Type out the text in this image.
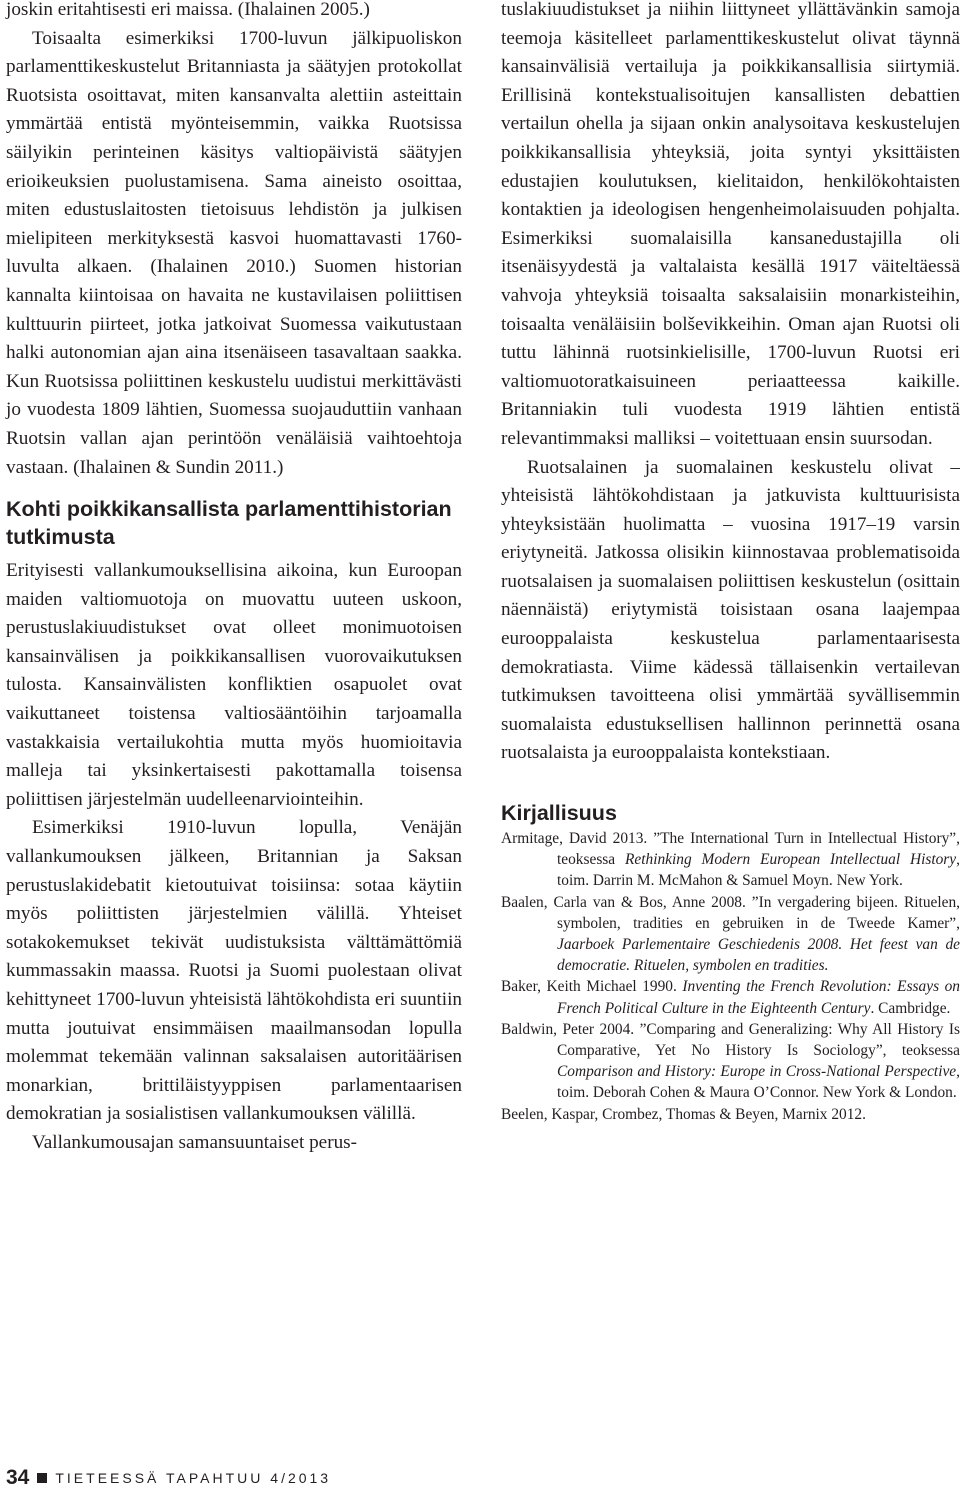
joskin eritahtisesti eri maissa. (Ihalainen 2005.)

Toisaalta esimerkiksi 1700-luvun jälkipuoliskon parlamenttikeskustelut Britanniasta ja säätyjen protokollat Ruotsista osoittavat, miten kansanvalta alettiin asteittain ymmärtää entistä myönteisemmin, vaikka Ruotsissa säilyikin perinteinen käsitys valtiopäivistä säätyjen erioikeuksien puolustamisena. Sama aineisto osoittaa, miten edustuslaitosten tietoisuus lehdistön ja julkisen mielipiteen merkityksestä kasvoi huomattavasti 1760-luvulta alkaen. (Ihalainen 2010.) Suomen historian kannalta kiintoisaa on havaita ne kustavilaisen poliittisen kulttuurin piirteet, jotka jatkoivat Suomessa vaikutustaan halki autonomian ajan aina itsenäiseen tasavaltaan saakka. Kun Ruotsissa poliittinen keskustelu uudistui merkittävästi jo vuodesta 1809 lähtien, Suomessa suojauduttiin vanhaan Ruotsin vallan ajan perintöön venäläisiä vaihtoehtoja vastaan. (Ihalainen & Sundin 2011.)

Kohti poikkikansallista parlamenttihistorian tutkimusta

Erityisesti vallankumouksellisina aikoina, kun Euroopan maiden valtiomuotoja on muovattu uuteen uskoon, perustuslakiuudistukset ovat olleet monimuotoisen kansainvälisen ja poikkikansallisen vuorovaikutuksen tulosta. Kansainvälisten konfliktien osapuolet ovat vaikuttaneet toistensa valtiosääntöihin tarjoamalla vastakkaisia vertailukohtia mutta myös huomioitavia malleja tai yksinkertaisesti pakottamalla toisensa poliittisen järjestelmän uudelleenarviointeihin.

Esimerkiksi 1910-luvun lopulla, Venäjän vallankumouksen jälkeen, Britannian ja Saksan perustuslakidebatit kietoutuivat toisiinsa: sotaa käytiin myös poliittisten järjestelmien välillä. Yhteiset sotakokemukset tekivät uudistuksista välttämättömiä kummassakin maassa. Ruotsi ja Suomi puolestaan olivat kehittyneet 1700-luvun yhteisistä lähtökohdista eri suuntiin mutta joutuivat ensimmäisen maailmansodan lopulla molemmat tekemään valinnan saksalaisen autoritäärisen monarkian, brittiläistyyppisen parlamentaarisen demokratian ja sosialistisen vallankumouksen välillä.

Vallankumousajan samansuuntaiset perus-

tuslakiuudistukset ja niihin liittyneet yllättävänkin samoja teemoja käsitelleet parlamenttikeskustelut olivat täynnä kansainvälisiä vertailuja ja poikkikansallisia siirtymiä. Erillisinä kontekstualisoitujen kansallisten debattien vertailun ohella ja sijaan onkin analysoitava keskustelujen poikkikansallisia yhteyksiä, joita syntyi yksittäisten edustajien koulutuksen, kielitaidon, henkilökohtaisten kontaktien ja ideologisen hengenheimolaisuuden pohjalta. Esimerkiksi suomalaisilla kansanedustajilla oli itsenäisyydestä ja valtalaista kesällä 1917 väiteltäessä vahvoja yhteyksiä toisaalta saksalaisiin monarkisteihin, toisaalta venäläisiin bolševikkeihin. Oman ajan Ruotsi oli tuttu lähinnä ruotsinkielisille, 1700-luvun Ruotsi eri valtiomuotoratkaisuineen periaatteessa kaikille. Britanniakin tuli vuodesta 1919 lähtien entistä relevantimmaksi malliksi – voitettuaan ensin suursodan.

Ruotsalainen ja suomalainen keskustelu olivat – yhteisistä lähtökohdistaan ja jatkuvista kulttuurisista yhteyksistään huolimatta – vuosina 1917–19 varsin eriytyneitä. Jatkossa olisikin kiinnostavaa problematisoida ruotsalaisen ja suomalaisen poliittisen keskustelun (osittain näennäistä) eriytymistä toisistaan osana laajempaa eurooppalaista keskustelua parlamentaarisesta demokratiasta. Viime kädessä tällaisenkin vertailevan tutkimuksen tavoitteena olisi ymmärtää syvällisemmin suomalaista edustuksellisen hallinnon perinnettä osana ruotsalaista ja eurooppalaista kontekstiaan.

Kirjallisuus

Armitage, David 2013. ”The International Turn in Intellectual History”, teoksessa Rethinking Modern European Intellectual History, toim. Darrin M. McMahon & Samuel Moyn. New York.

Baalen, Carla van & Bos, Anne 2008. ”In vergadering bijeen. Rituelen, symbolen, tradities en gebruiken in de Tweede Kamer”, Jaarboek Parlementaire Geschiedenis 2008. Het feest van de democratie. Rituelen, symbolen en tradities.

Baker, Keith Michael 1990. Inventing the French Revolution: Essays on French Political Culture in the Eighteenth Century. Cambridge.

Baldwin, Peter 2004. ”Comparing and Generalizing: Why All History Is Comparative, Yet No History Is Sociology”, teoksessa Comparison and History: Europe in Cross-National Perspective, toim. Deborah Cohen & Maura O’Connor. New York & London.

Beelen, Kaspar, Crombez, Thomas & Beyen, Marnix 2012.

34 TIETEESSÄ TAPAHTUU 4/2013
